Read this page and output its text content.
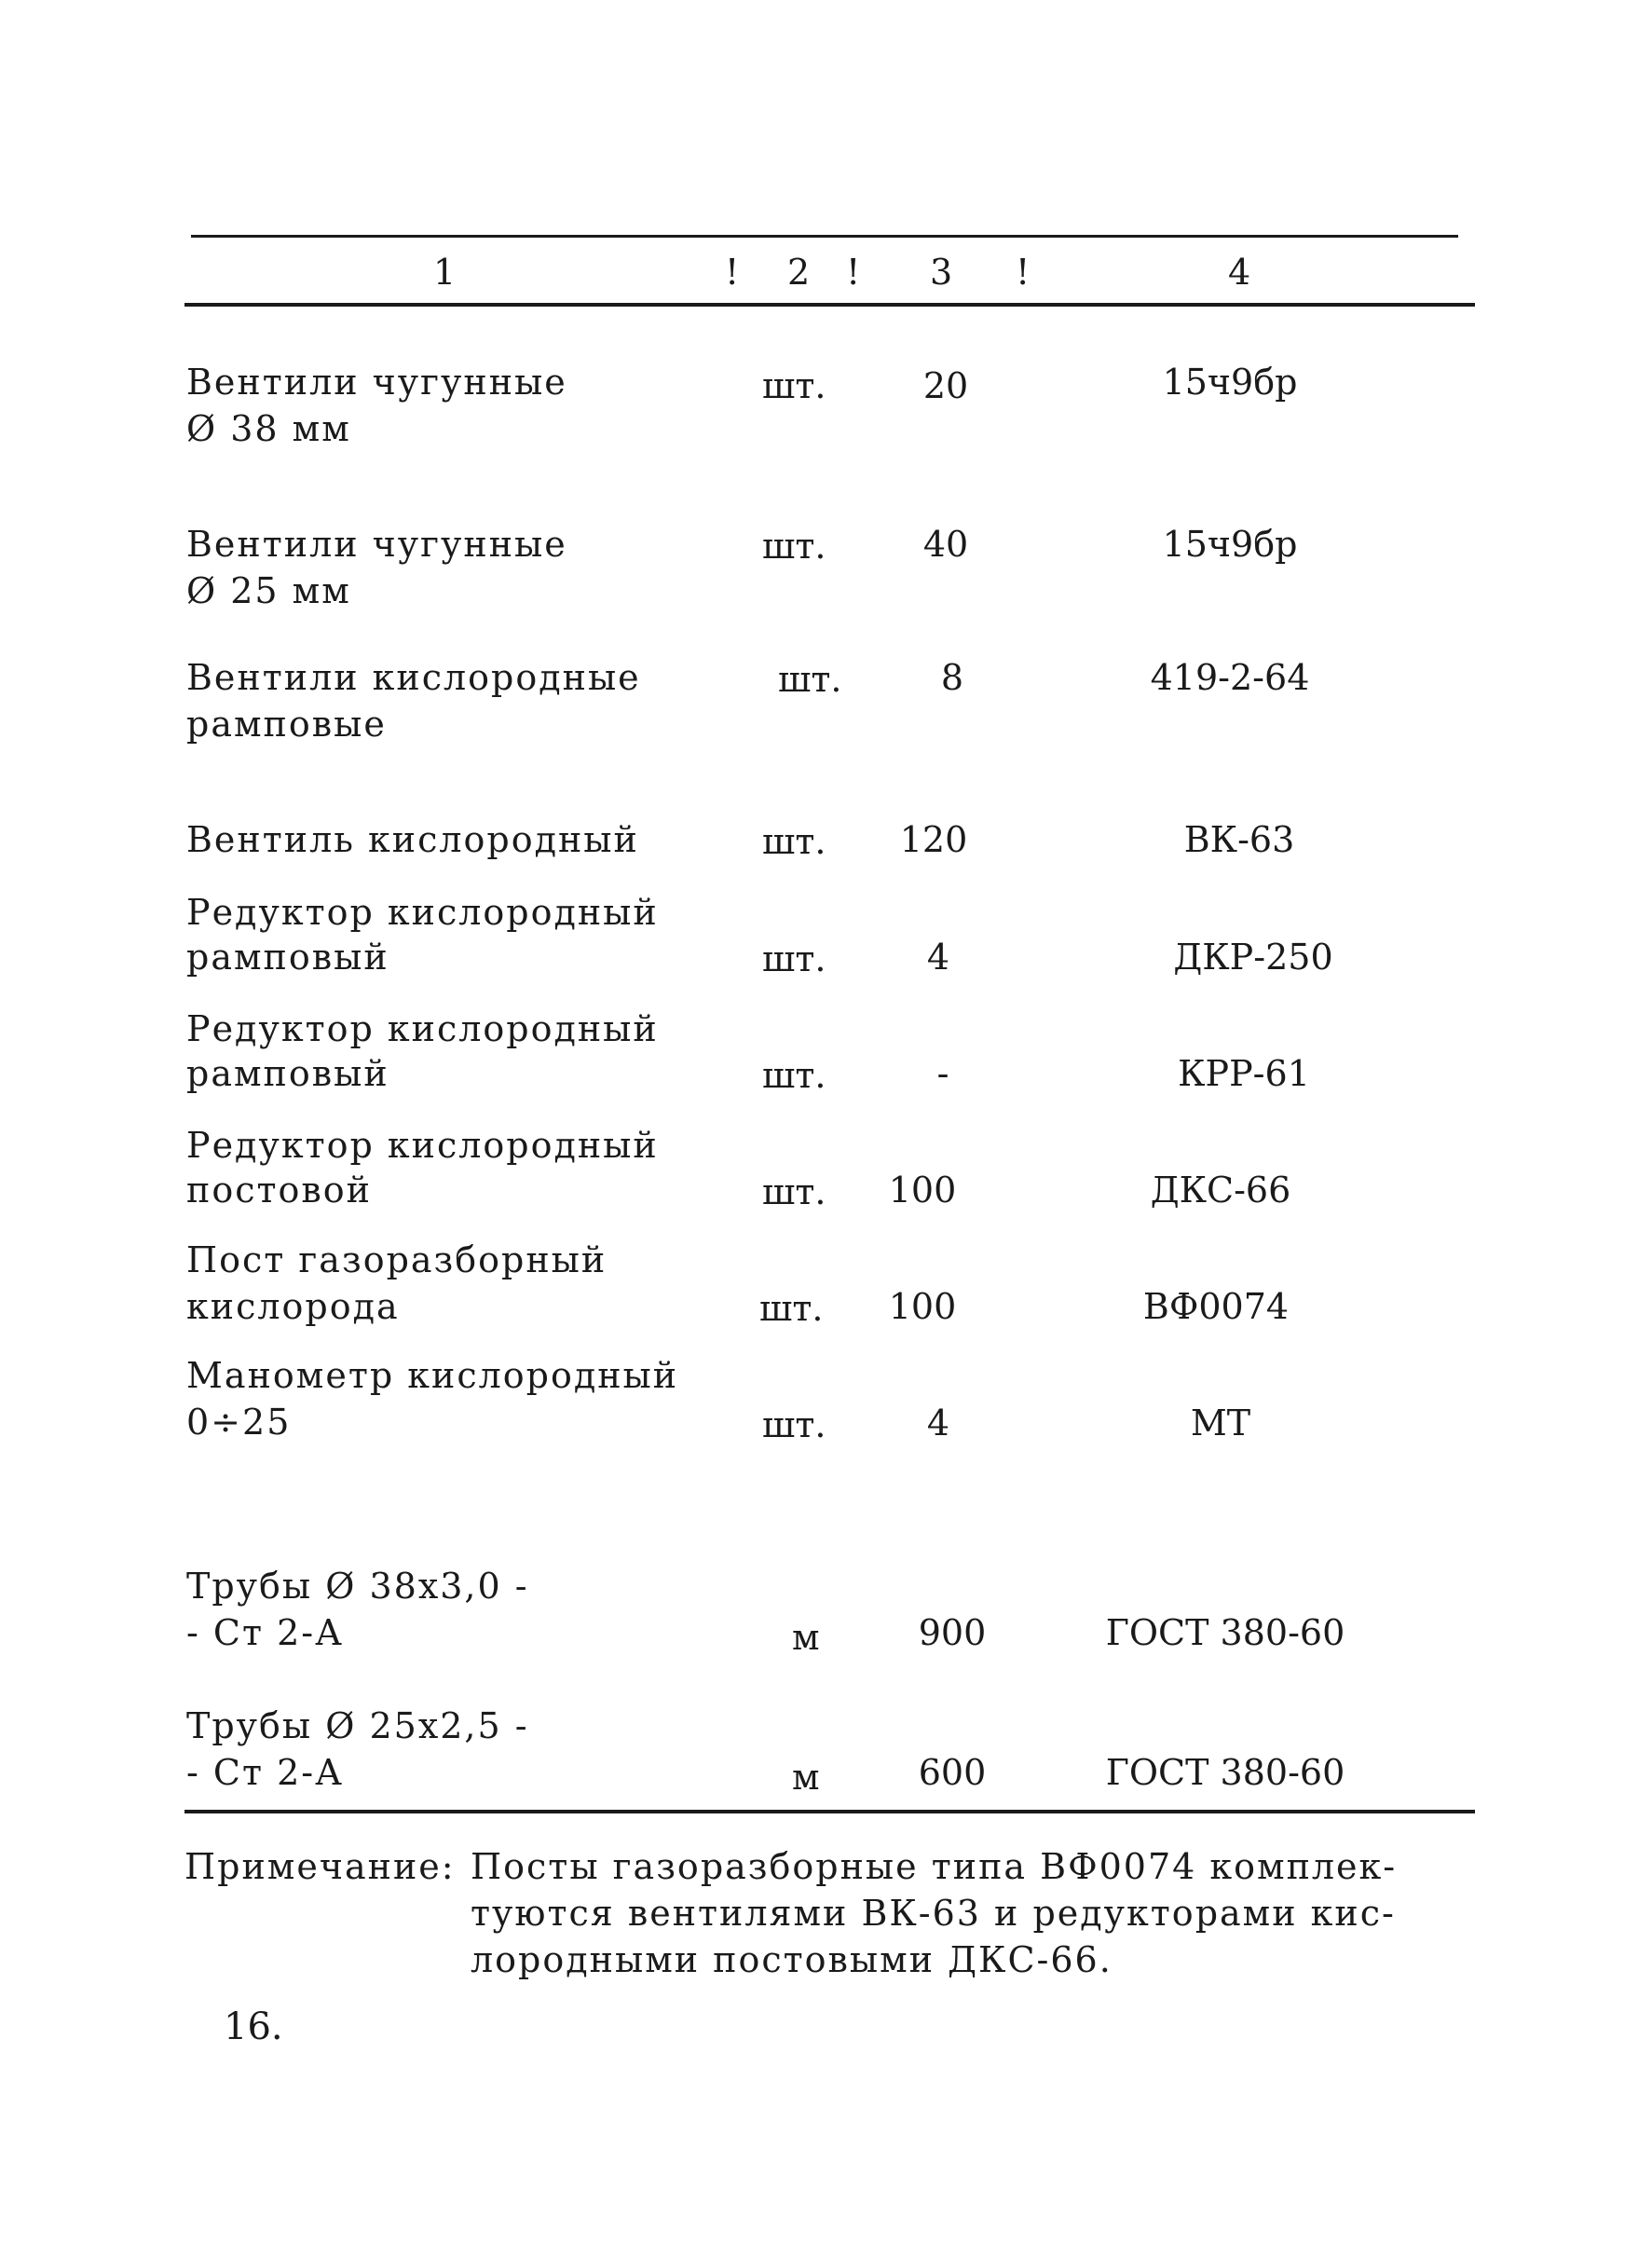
1	! 2 ! 3 !	4
Вентили чугунные
Ø 38 мм
шт.	20	15ч9бр
Вентили чугунные
Ø 25 мм
шт.	40	15ч9бр
Вентили кислородные
рамповые
шт.	8	419-2-64
Вентиль кислородный	шт.	120	ВК-63
Редуктор кислородный
рамповый	шт.	4	ДКР-250
Редуктор кислородный
рамповый	шт.	-	КРР-61
Редуктор кислородный
постовой	шт.	100	ДКС-66
Пост газоразборный
кислорода	шт.	100	ВФ0074
Манометр кислородный
0÷25	шт.	4	МТ
Трубы Ø 38x3,0 -
- Ст 2-А	м	900	ГОСТ 380-60
Трубы Ø 25x2,5 -
- Ст 2-А	м	600	ГОСТ 380-60
Примечание: Посты газоразборные типа ВФ0074 комплек-
туются вентилями ВК-63 и редукторами кис-
лородными постовыми ДКС-66.
16.
